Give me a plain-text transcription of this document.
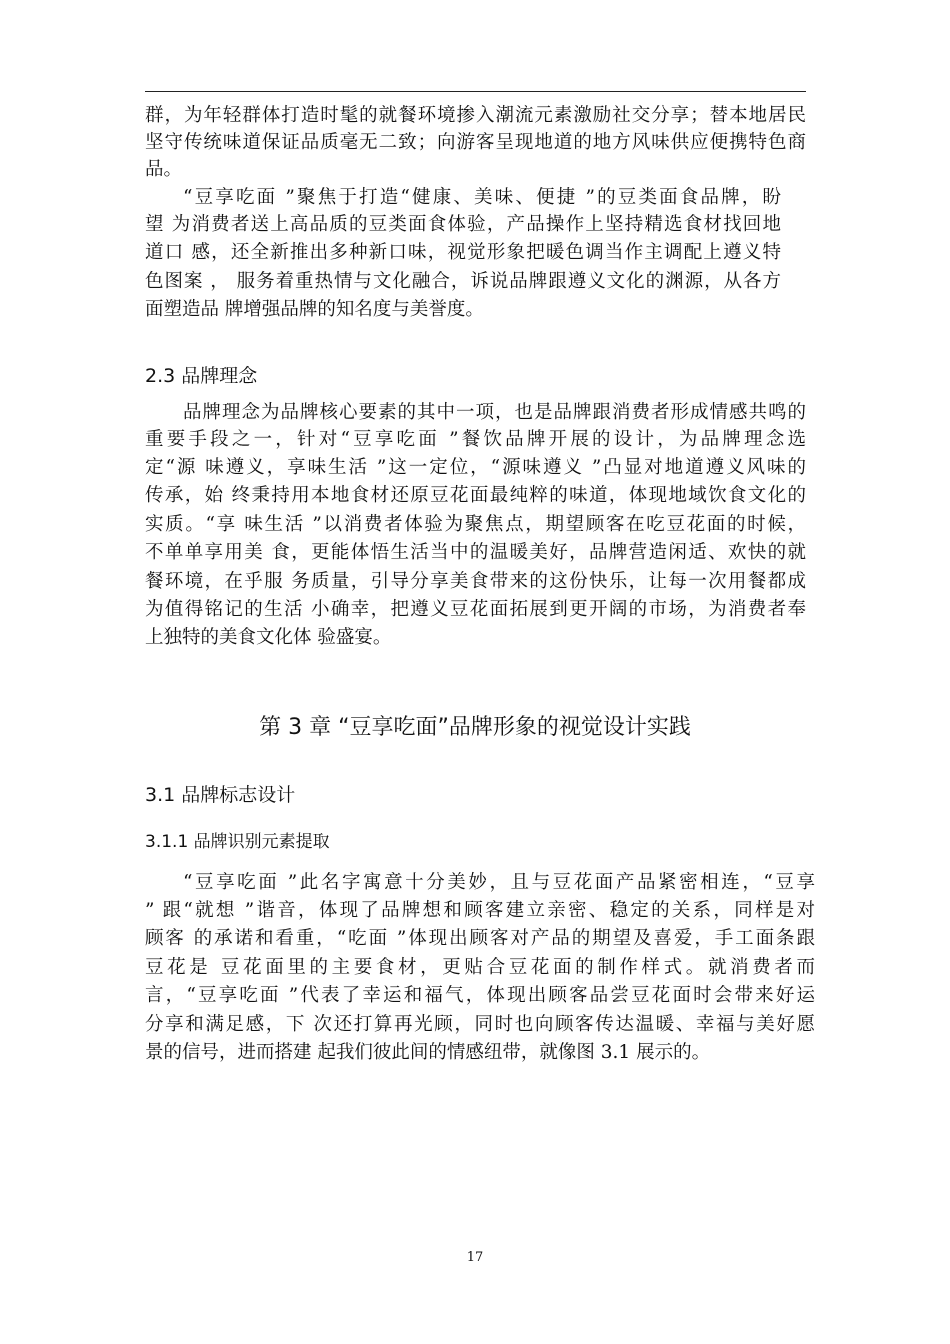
群，为年轻群体打造时髦的就餐环境掺入潮流元素激励社交分享；替本地居民
坚守传统味道保证品质毫无二致；向游客呈现地道的地方风味供应便携特色商
品。
“豆享吃面 ”聚焦于打造“健康、美味、便捷 ”的豆类面食品牌，盼
望 为消费者送上高品质的豆类面食体验，产品操作上坚持精选食材找回地
道口 感，还全新推出多种新口味，视觉形象把暖色调当作主调配上遵义特
色图案 ， 服务着重热情与文化融合，诉说品牌跟遵义文化的渊源，从各方
面塑造品 牌增强品牌的知名度与美誉度。
2.3 品牌理念
品牌理念为品牌核心要素的其中一项，也是品牌跟消费者形成情感共鸣的
重要手段之一，针对“豆享吃面 ”餐饮品牌开展的设计，为品牌理念选
定“源 味遵义，享味生活 ”这一定位，“源味遵义 ”凸显对地道遵义风味的
传承，始 终秉持用本地食材还原豆花面最纯粹的味道，体现地域饮食文化的
实质。“享 味生活 ”以消费者体验为聚焦点，期望顾客在吃豆花面的时候，
不单单享用美 食，更能体悟生活当中的温暖美好，品牌营造闲适、欢快的就
餐环境，在乎服 务质量，引导分享美食带来的这份快乐，让每一次用餐都成
为值得铭记的生活 小确幸，把遵义豆花面拓展到更开阔的市场，为消费者奉
上独特的美食文化体 验盛宴。
第 3 章 “豆享吃面”品牌形象的视觉设计实践
3.1 品牌标志设计
3.1.1 品牌识别元素提取
“豆享吃面 ”此名字寓意十分美妙，且与豆花面产品紧密相连，“豆享
” 跟“就想 ”谐音，体现了品牌想和顾客建立亲密、稳定的关系，同样是对
顾客 的承诺和看重，“吃面 ”体现出顾客对产品的期望及喜爱，手工面条跟
豆花是 豆花面里的主要食材，更贴合豆花面的制作样式。就消费者而
言，“豆享吃面 ”代表了幸运和福气，体现出顾客品尝豆花面时会带来好运
分享和满足感，下 次还打算再光顾，同时也向顾客传达温暖、幸福与美好愿
景的信号，进而搭建 起我们彼此间的情感纽带，就像图 3.1 展示的。
17
